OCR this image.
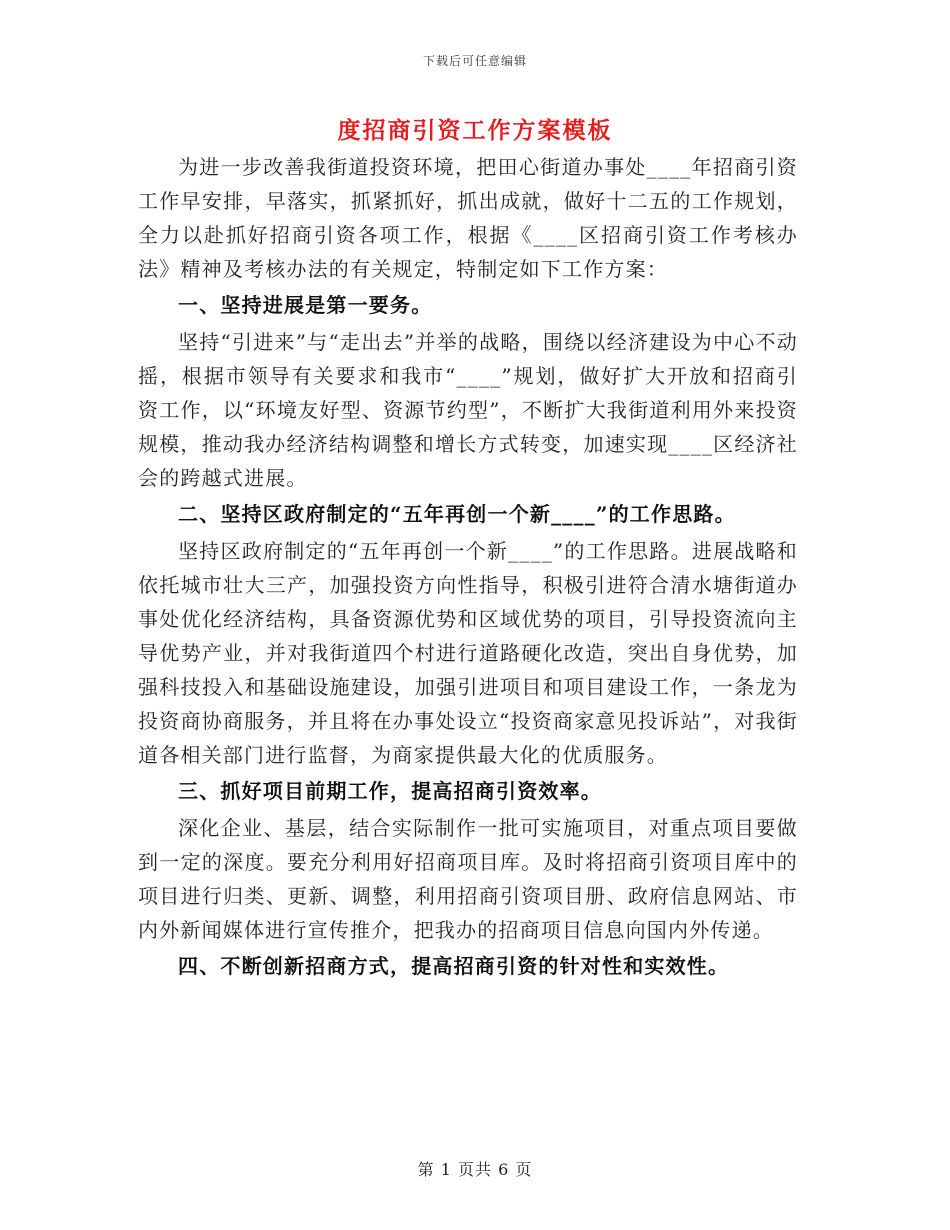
下载后可任意编辑
度招商引资工作方案模板

为进一步改善我街道投资环境，把田心街道办事处____年招商引资工作早安排，早落实，抓紧抓好，抓出成就，做好十二五的工作规划，全力以赴抓好招商引资各项工作，根据《____区招商引资工作考核办法》精神及考核办法的有关规定，特制定如下工作方案：

一、坚持进展是第一要务。

坚持“引进来”与“走出去”并举的战略，围绕以经济建设为中心不动摇，根据市领导有关要求和我市“____”规划，做好扩大开放和招商引资工作，以“环境友好型、资源节约型”，不断扩大我街道利用外来投资规模，推动我办经济结构调整和增长方式转变，加速实现____区经济社会的跨越式进展。

二、坚持区政府制定的“五年再创一个新____”的工作思路。

坚持区政府制定的“五年再创一个新____”的工作思路。进展战略和依托城市壮大三产，加强投资方向性指导，积极引进符合清水塘街道办事处优化经济结构，具备资源优势和区域优势的项目，引导投资流向主导优势产业，并对我街道四个村进行道路硬化改造，突出自身优势，加强科技投入和基础设施建设，加强引进项目和项目建设工作，一条龙为投资商协商服务，并且将在办事处设立“投资商家意见投诉站”，对我街道各相关部门进行监督，为商家提供最大化的优质服务。

三、抓好项目前期工作，提高招商引资效率。

深化企业、基层，结合实际制作一批可实施项目，对重点项目要做到一定的深度。要充分利用好招商项目库。及时将招商引资项目库中的项目进行归类、更新、调整，利用招商引资项目册、政府信息网站、市内外新闻媒体进行宣传推介，把我办的招商项目信息向国内外传递。

四、不断创新招商方式，提高招商引资的针对性和实效性。

第 1 页共 6 页
